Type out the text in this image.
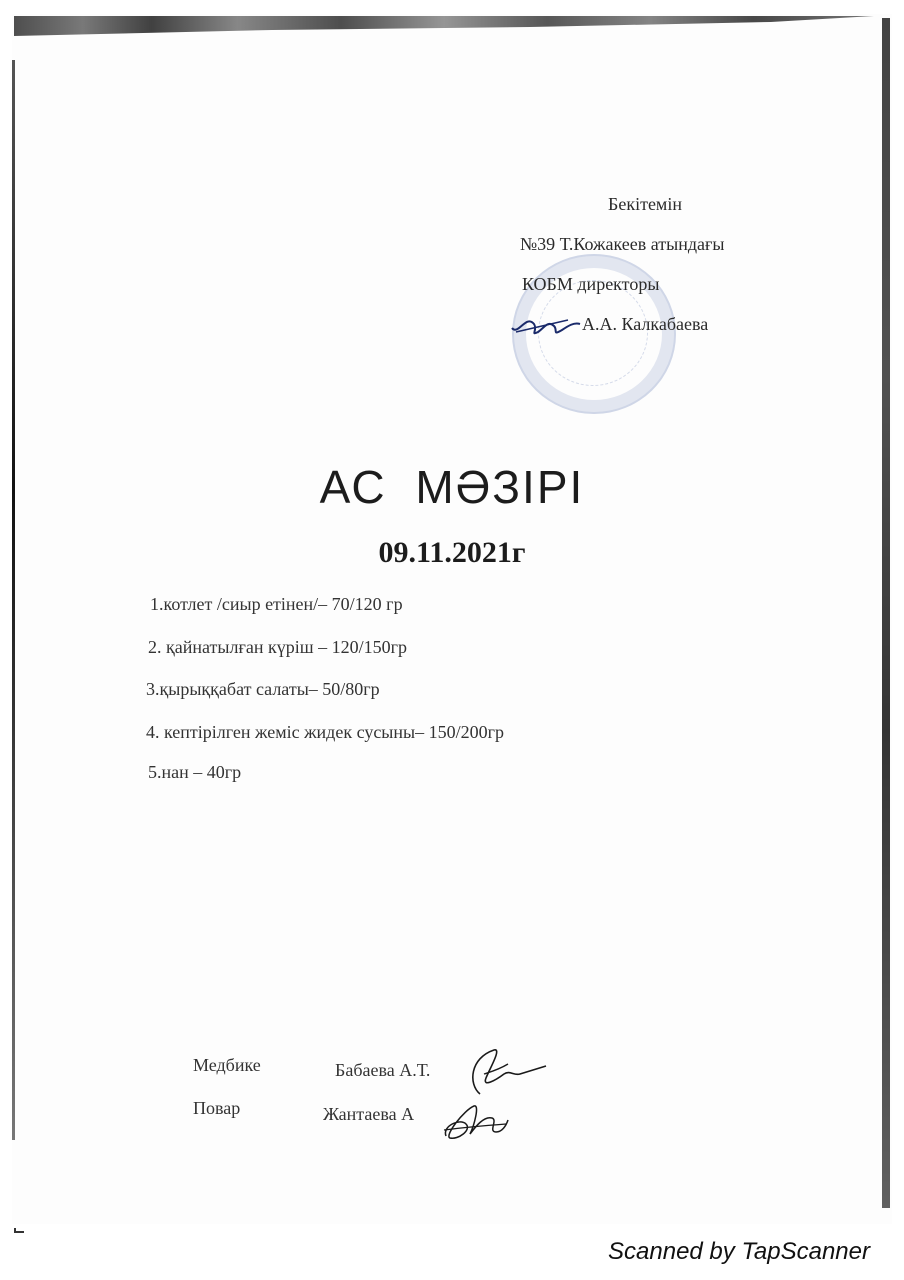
Бекітемін
№39 Т.Кожакеев атындағы
КОБМ директоры
А.А. Калкабаева
АС МӘЗІРІ
09.11.2021г
1.котлет /сиыр етінен/– 70/120 гр
2. қайнатылған күріш – 120/150гр
3.қырыққабат салаты– 50/80гр
4. кептірілген жеміс жидек сусыны– 150/200гр
5.нан – 40гр
Медбике	Бабаева А.Т.
Повар	Жантаева А
Scanned by TapScanner
